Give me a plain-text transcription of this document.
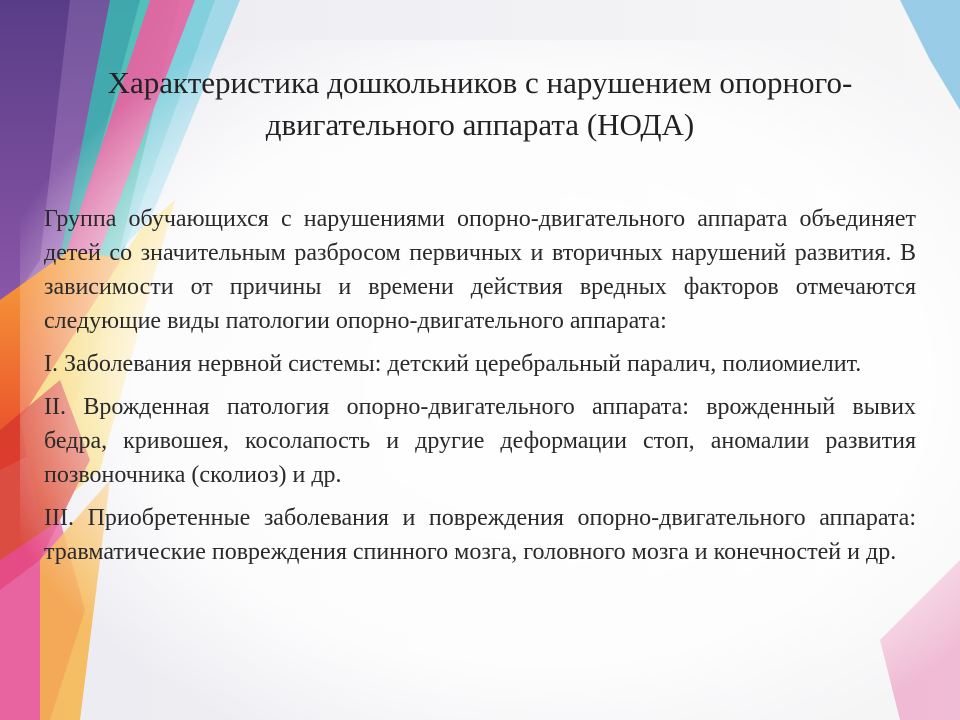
Характеристика дошкольников с нарушением опорного-
двигательного аппарата (НОДА)

Группа обучающихся с нарушениями опорно-двигательного аппарата объединяет детей со значительным разбросом первичных и вторичных нарушений развития. В зависимости от причины и времени действия вредных факторов отмечаются следующие виды патологии опорно-двигательного аппарата:

I. Заболевания нервной системы: детский церебральный паралич, полиомиелит.

II. Врожденная патология опорно-двигательного аппарата: врожденный вывих бедра, кривошея, косолапость и другие деформации стоп, аномалии развития позвоночника (сколиоз) и др.

III. Приобретенные заболевания и повреждения опорно-двигательного аппарата: травматические повреждения спинного мозга, головного мозга и конечностей и др.
